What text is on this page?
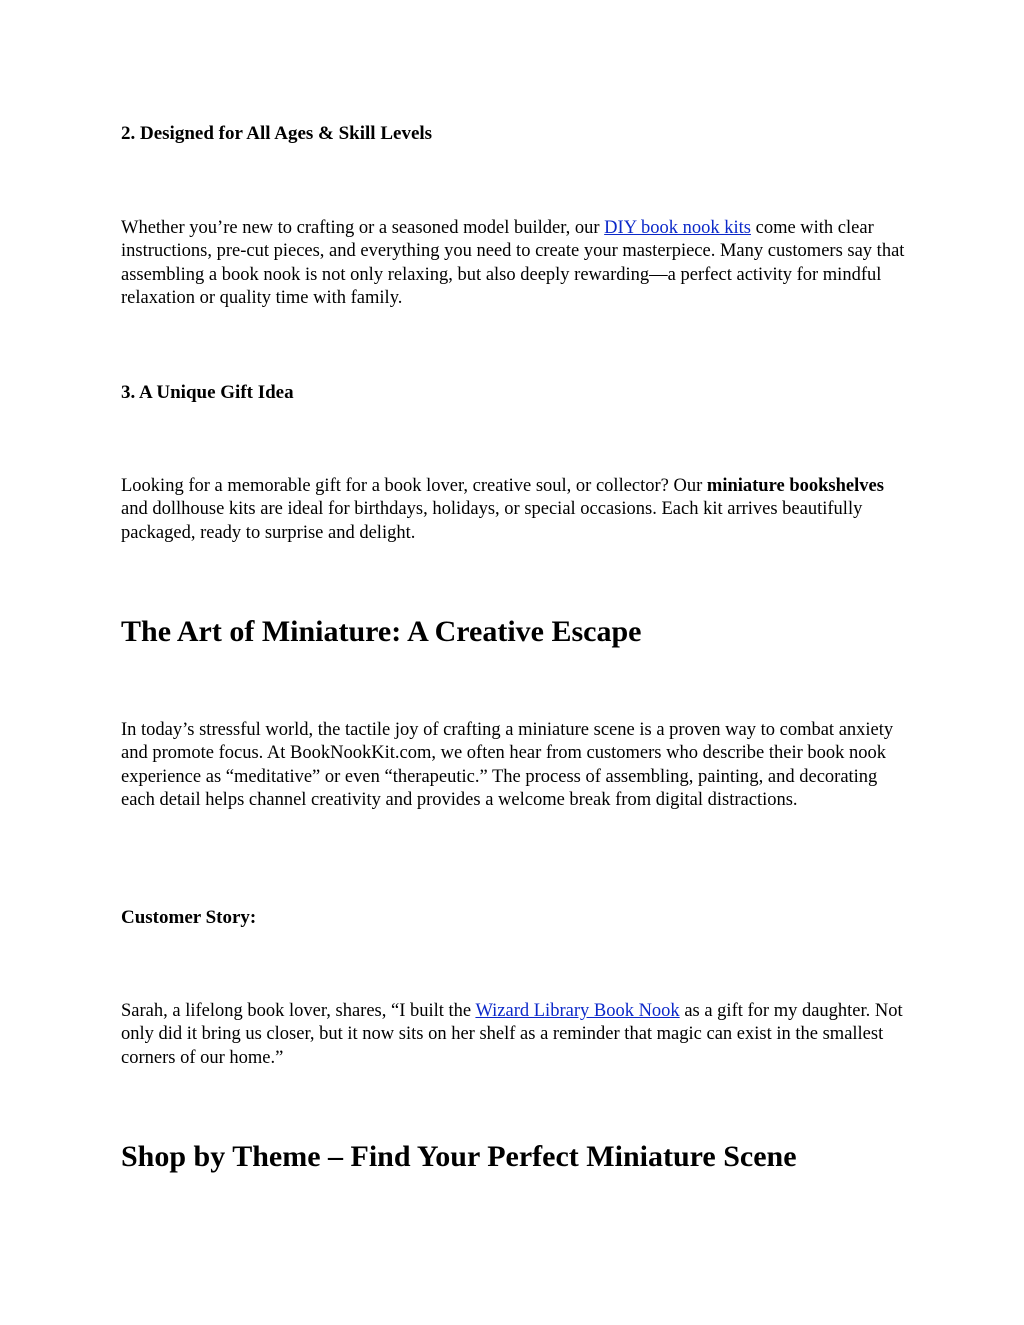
2. Designed for All Ages & Skill Levels

Whether you’re new to crafting or a seasoned model builder, our DIY book nook kits come with clear instructions, pre-cut pieces, and everything you need to create your masterpiece. Many customers say that assembling a book nook is not only relaxing, but also deeply rewarding—a perfect activity for mindful relaxation or quality time with family.

3. A Unique Gift Idea

Looking for a memorable gift for a book lover, creative soul, or collector? Our miniature bookshelves and dollhouse kits are ideal for birthdays, holidays, or special occasions. Each kit arrives beautifully packaged, ready to surprise and delight.

The Art of Miniature: A Creative Escape

In today’s stressful world, the tactile joy of crafting a miniature scene is a proven way to combat anxiety and promote focus. At BookNookKit.com, we often hear from customers who describe their book nook experience as “meditative” or even “therapeutic.” The process of assembling, painting, and decorating each detail helps channel creativity and provides a welcome break from digital distractions.

Customer Story:

Sarah, a lifelong book lover, shares, “I built the Wizard Library Book Nook as a gift for my daughter. Not only did it bring us closer, but it now sits on her shelf as a reminder that magic can exist in the smallest corners of our home.”

Shop by Theme – Find Your Perfect Miniature Scene
